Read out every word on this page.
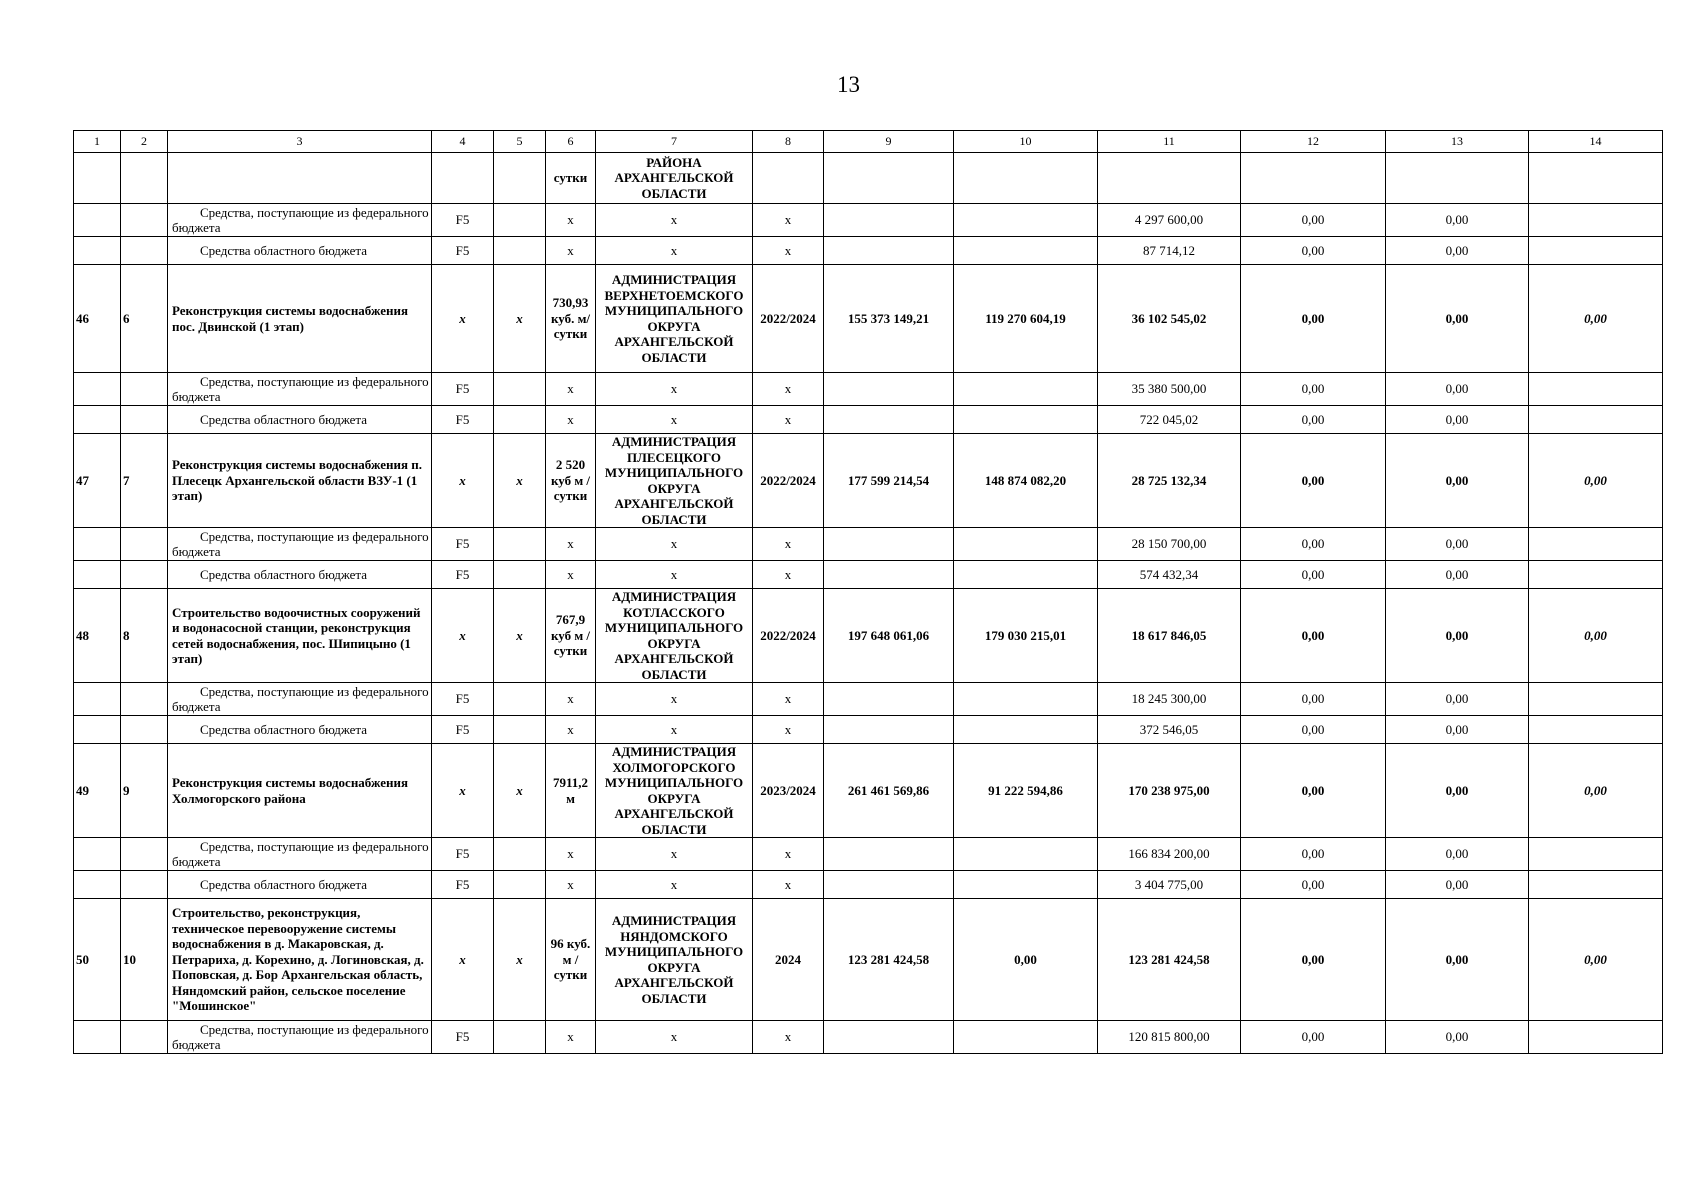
13
1	2	3	4	5	6	7	8	9	10	11	12	13	14
					сутки	РАЙОНА АРХАНГЕЛЬСКОЙ ОБЛАСТИ							
		Средства, поступающие из федерального бюджета	F5		х	х	х			4 297 600,00	0,00	0,00	
		Средства областного бюджета	F5		х	х	х			87 714,12	0,00	0,00	
46	6	Реконструкция системы водоснабжения пос. Двинской (1 этап)	х	х	730,93 куб. м/сутки	АДМИНИСТРАЦИЯ ВЕРХНЕТОЕМСКОГО МУНИЦИПАЛЬНОГО ОКРУГА АРХАНГЕЛЬСКОЙ ОБЛАСТИ	2022/2024	155 373 149,21	119 270 604,19	36 102 545,02	0,00	0,00	0,00
		Средства, поступающие из федерального бюджета	F5		х	х	х			35 380 500,00	0,00	0,00	
		Средства областного бюджета	F5		х	х	х			722 045,02	0,00	0,00	
47	7	Реконструкция системы водоснабжения п. Плесецк Архангельской области ВЗУ-1 (1 этап)	х	х	2 520 куб м / сутки	АДМИНИСТРАЦИЯ ПЛЕСЕЦКОГО МУНИЦИПАЛЬНОГО ОКРУГА АРХАНГЕЛЬСКОЙ ОБЛАСТИ	2022/2024	177 599 214,54	148 874 082,20	28 725 132,34	0,00	0,00	0,00
		Средства, поступающие из федерального бюджета	F5		х	х	х			28 150 700,00	0,00	0,00	
		Средства областного бюджета	F5		х	х	х			574 432,34	0,00	0,00	
48	8	Строительство водоочистных сооружений и водонасосной станции, реконструкция сетей водоснабжения, пос. Шипицыно (1 этап)	х	х	767,9 куб м / сутки	АДМИНИСТРАЦИЯ КОТЛАССКОГО МУНИЦИПАЛЬНОГО ОКРУГА АРХАНГЕЛЬСКОЙ ОБЛАСТИ	2022/2024	197 648 061,06	179 030 215,01	18 617 846,05	0,00	0,00	0,00
		Средства, поступающие из федерального бюджета	F5		х	х	х			18 245 300,00	0,00	0,00	
		Средства областного бюджета	F5		х	х	х			372 546,05	0,00	0,00	
49	9	Реконструкция системы водоснабжения Холмогорского района	х	х	7911,2 м	АДМИНИСТРАЦИЯ ХОЛМОГОРСКОГО МУНИЦИПАЛЬНОГО ОКРУГА АРХАНГЕЛЬСКОЙ ОБЛАСТИ	2023/2024	261 461 569,86	91 222 594,86	170 238 975,00	0,00	0,00	0,00
		Средства, поступающие из федерального бюджета	F5		х	х	х			166 834 200,00	0,00	0,00	
		Средства областного бюджета	F5		х	х	х			3 404 775,00	0,00	0,00	
50	10	Строительство, реконструкция, техническое перевооружение системы водоснабжения в д. Макаровская, д. Петрариха, д. Корехино, д. Логиновская, д. Поповская, д. Бор Архангельская область, Няндомский район, сельское поселение "Мошинское"	х	х	96 куб. м / сутки	АДМИНИСТРАЦИЯ НЯНДОМСКОГО МУНИЦИПАЛЬНОГО ОКРУГА АРХАНГЕЛЬСКОЙ ОБЛАСТИ	2024	123 281 424,58	0,00	123 281 424,58	0,00	0,00	0,00
		Средства, поступающие из федерального бюджета	F5		х	х	х			120 815 800,00	0,00	0,00	
